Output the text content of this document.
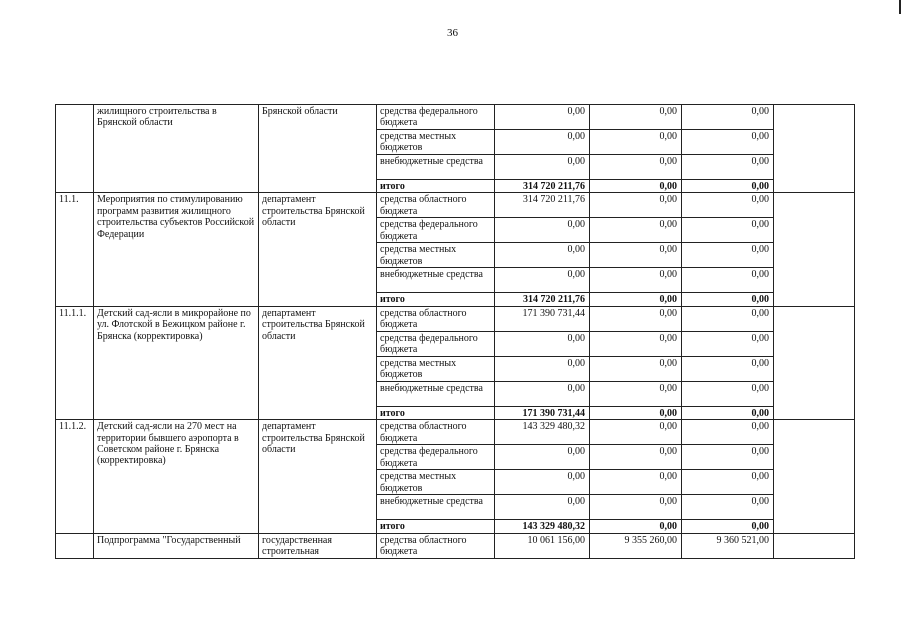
36
	жилищного строительства в Брянской области	Брянской области	средства федерального бюджета	0,00	0,00	0,00	
			средства местных бюджетов	0,00	0,00	0,00	
			внебюджетные средства	0,00	0,00	0,00	
			итого	314 720 211,76	0,00	0,00	
11.1.	Мероприятия по стимулированию программ развития жилищного строительства субъектов Российской Федерации	департамент строительства Брянской области	средства областного бюджета	314 720 211,76	0,00	0,00	
			средства федерального бюджета	0,00	0,00	0,00	
			средства местных бюджетов	0,00	0,00	0,00	
			внебюджетные средства	0,00	0,00	0,00	
			итого	314 720 211,76	0,00	0,00	
11.1.1.	Детский сад-ясли в микрорайоне по ул. Флотской в Бежицком районе г. Брянска (корректировка)	департамент строительства Брянской области	средства областного бюджета	171 390 731,44	0,00	0,00	
			средства федерального бюджета	0,00	0,00	0,00	
			средства местных бюджетов	0,00	0,00	0,00	
			внебюджетные средства	0,00	0,00	0,00	
			итого	171 390 731,44	0,00	0,00	
11.1.2.	Детский сад-ясли на 270 мест на территории бывшего аэропорта в Советском районе г. Брянска (корректировка)	департамент строительства Брянской области	средства областного бюджета	143 329 480,32	0,00	0,00	
			средства федерального бюджета	0,00	0,00	0,00	
			средства местных бюджетов	0,00	0,00	0,00	
			внебюджетные средства	0,00	0,00	0,00	
			итого	143 329 480,32	0,00	0,00	
	Подпрограмма "Государственный	государственная строительная	средства областного бюджета	10 061 156,00	9 355 260,00	9 360 521,00	
